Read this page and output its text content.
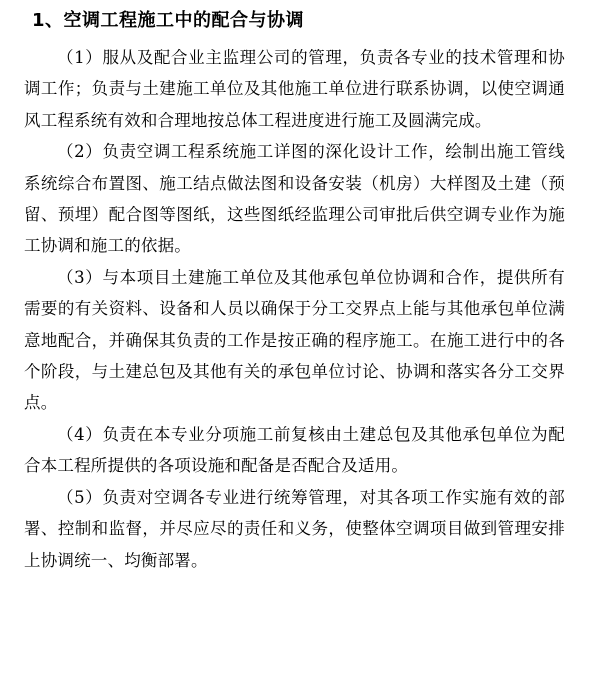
1、空调工程施工中的配合与协调

（1）服从及配合业主监理公司的管理，负责各专业的技术管理和协调工作；负责与土建施工单位及其他施工单位进行联系协调，以使空调通风工程系统有效和合理地按总体工程进度进行施工及圆满完成。

（2）负责空调工程系统施工详图的深化设计工作，绘制出施工管线系统综合布置图、施工结点做法图和设备安装（机房）大样图及土建（预留、预埋）配合图等图纸，这些图纸经监理公司审批后供空调专业作为施工协调和施工的依据。

（3）与本项目土建施工单位及其他承包单位协调和合作，提供所有需要的有关资料、设备和人员以确保于分工交界点上能与其他承包单位满意地配合，并确保其负责的工作是按正确的程序施工。在施工进行中的各个阶段，与土建总包及其他有关的承包单位讨论、协调和落实各分工交界点。

（4）负责在本专业分项施工前复核由土建总包及其他承包单位为配合本工程所提供的各项设施和配备是否配合及适用。

（5）负责对空调各专业进行统筹管理，对其各项工作实施有效的部署、控制和监督，并尽应尽的责任和义务，使整体空调项目做到管理安排上协调统一、均衡部署。
